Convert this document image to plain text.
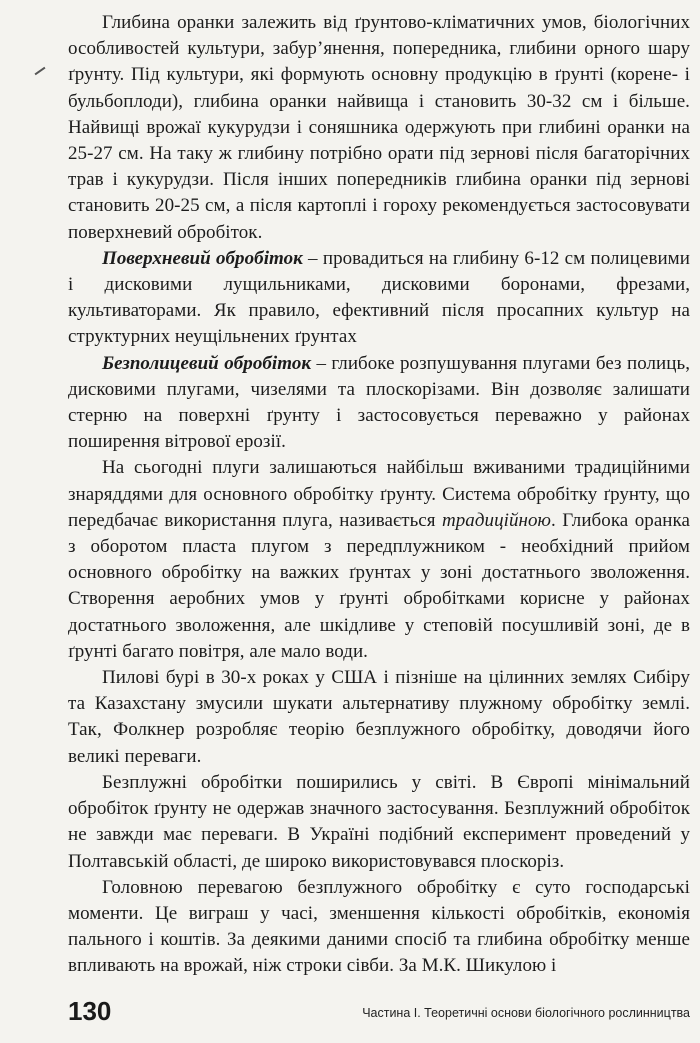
Глибина оранки залежить від ґрунтово-кліматичних умов, біологічних особливостей культури, забур’янення, попередника, глибини орного шару ґрунту. Під культури, які формують основну продукцію в ґрунті (корене- і бульбоплоди), глибина оранки найвища і становить 30-32 см і більше. Найвищі врожаї кукурудзи і соняшника одержують при глибині оранки на 25-27 см. На таку ж глибину потрібно орати під зернові після багаторічних трав і кукурудзи. Після інших попередників глибина оранки під зернові становить 20-25 см, а після картоплі і гороху рекомендується застосовувати поверхневий обробіток.

Поверхневий обробіток – провадиться на глибину 6-12 см полицевими і дисковими лущильниками, дисковими боронами, фрезами, культиваторами. Як правило, ефективний після просапних культур на структурних неущільнених ґрунтах

Безполицевий обробіток – глибоке розпушування плугами без полиць, дисковими плугами, чизелями та плоскорізами. Він дозволяє залишати стерню на поверхні ґрунту і застосовується переважно у районах поширення вітрової ерозії.

На сьогодні плуги залишаються найбільш вживаними традиційними знаряддями для основного обробітку ґрунту. Система обробітку ґрунту, що передбачає використання плуга, називається традиційною. Глибока оранка з оборотом пласта плугом з передплужником - необхідний прийом основного обробітку на важких ґрунтах у зоні достатнього зволоження. Створення аеробних умов у ґрунті обробітками корисне у районах достатнього зволоження, але шкідливе у степовій посушливій зоні, де в ґрунті багато повітря, але мало води.

Пилові бурі в 30-х роках у США і пізніше на цілинних землях Сибіру та Казахстану змусили шукати альтернативу плужному обробітку землі. Так, Фолкнер розробляє теорію безплужного обробітку, доводячи його великі переваги.

Безплужні обробітки поширились у світі. В Європі мінімальний обробіток ґрунту не одержав значного застосування. Безплужний обробіток не завжди має переваги. В Україні подібний експеримент проведений у Полтавській області, де широко використовувався плоскоріз.

Головною перевагою безплужного обробітку є суто господарські моменти. Це виграш у часі, зменшення кількості обробітків, економія пального і коштів. За деякими даними спосіб та глибина обробітку менше впливають на врожай, ніж строки сівби. За М.К. Шикулою і

130	Частина І. Теоретичні основи біологічного рослинництва
